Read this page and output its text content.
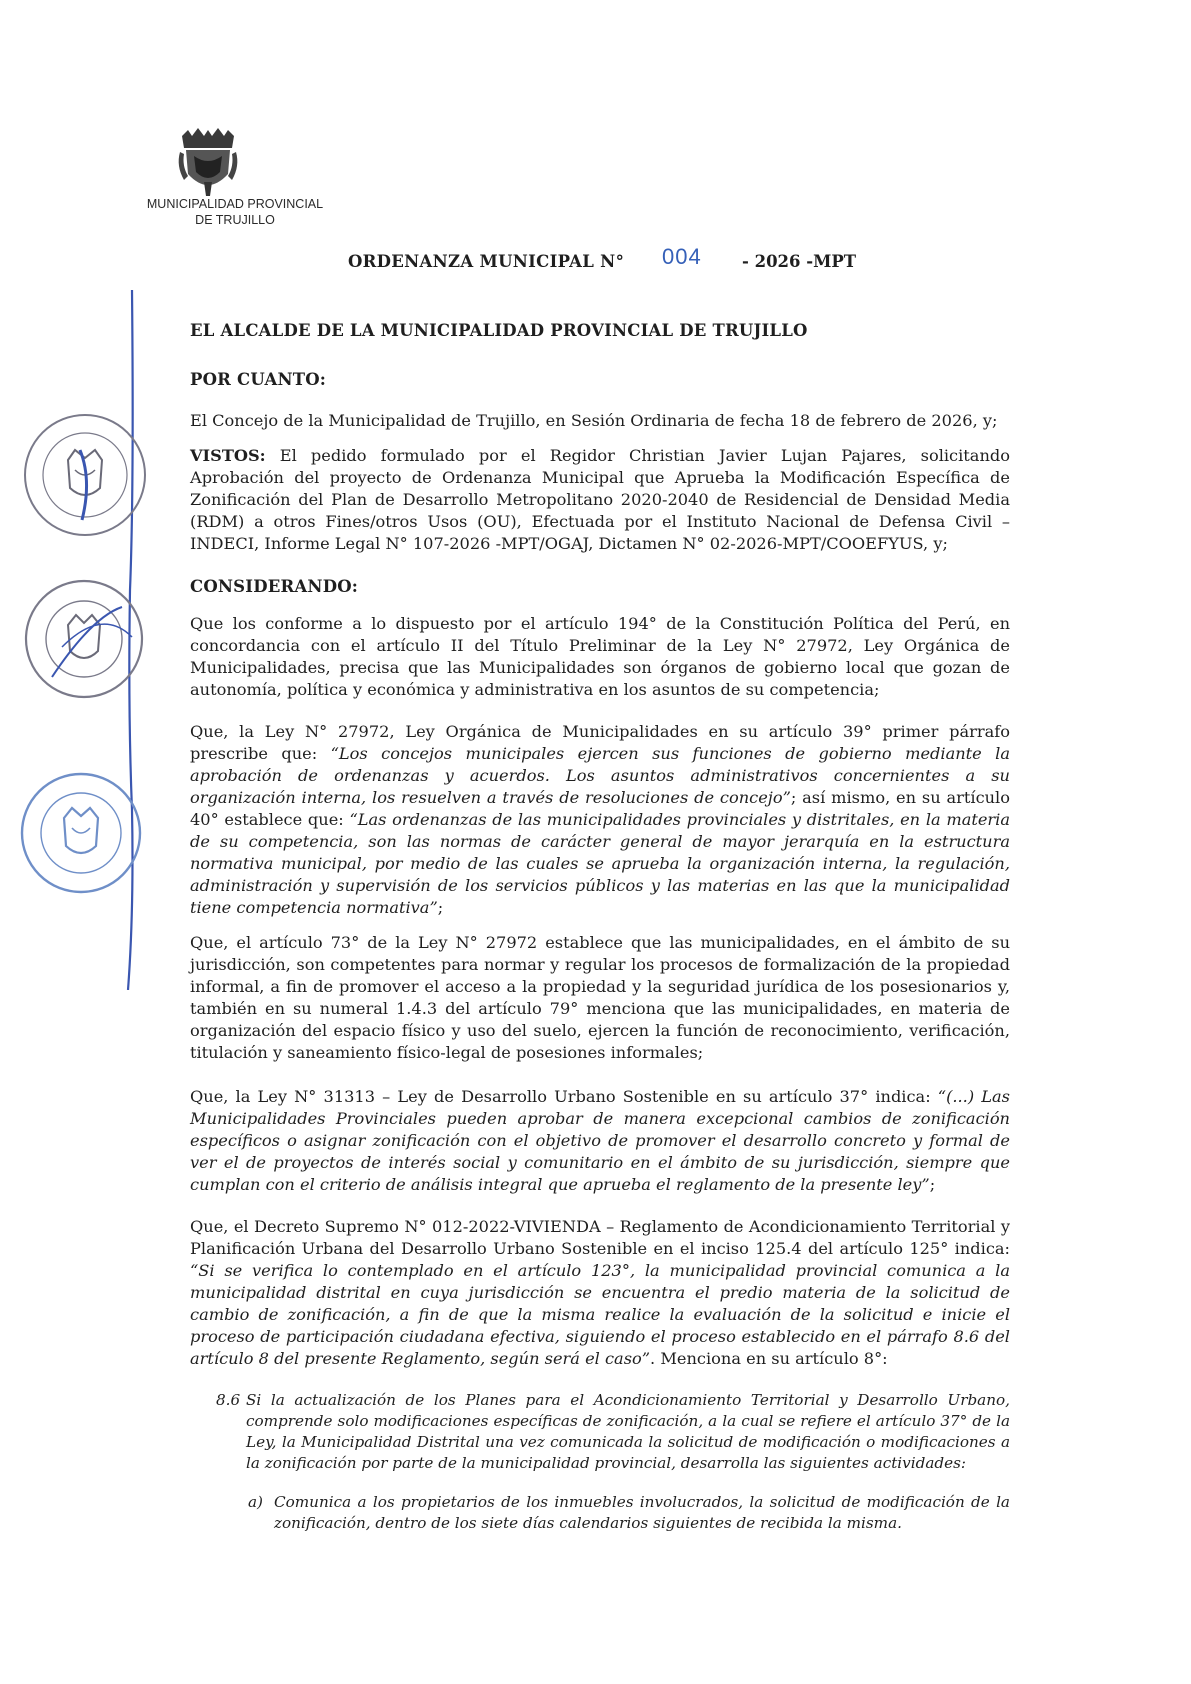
MUNICIPALIDAD PROVINCIAL
DE TRUJILLO
ORDENANZA MUNICIPAL N° 004 - 2026 -MPT
EL ALCALDE DE LA MUNICIPALIDAD PROVINCIAL DE TRUJILLO
POR CUANTO:
El Concejo de la Municipalidad de Trujillo, en Sesión Ordinaria de fecha 18 de febrero de 2026, y;
VISTOS: El pedido formulado por el Regidor Christian Javier Lujan Pajares, solicitando Aprobación del proyecto de Ordenanza Municipal que Aprueba la Modificación Específica de Zonificación del Plan de Desarrollo Metropolitano 2020-2040 de Residencial de Densidad Media (RDM) a otros Fines/otros Usos (OU), Efectuada por el Instituto Nacional de Defensa Civil – INDECI, Informe Legal N° 107-2026 -MPT/OGAJ, Dictamen N° 02-2026-MPT/COOEFYUS, y;
CONSIDERANDO:
Que los conforme a lo dispuesto por el artículo 194° de la Constitución Política del Perú, en concordancia con el artículo II del Título Preliminar de la Ley N° 27972, Ley Orgánica de Municipalidades, precisa que las Municipalidades son órganos de gobierno local que gozan de autonomía, política y económica y administrativa en los asuntos de su competencia;
Que, la Ley N° 27972, Ley Orgánica de Municipalidades en su artículo 39° primer párrafo prescribe que: “Los concejos municipales ejercen sus funciones de gobierno mediante la aprobación de ordenanzas y acuerdos. Los asuntos administrativos concernientes a su organización interna, los resuelven a través de resoluciones de concejo”; así mismo, en su artículo 40° establece que: “Las ordenanzas de las municipalidades provinciales y distritales, en la materia de su competencia, son las normas de carácter general de mayor jerarquía en la estructura normativa municipal, por medio de las cuales se aprueba la organización interna, la regulación, administración y supervisión de los servicios públicos y las materias en las que la municipalidad tiene competencia normativa”;
Que, el artículo 73° de la Ley N° 27972 establece que las municipalidades, en el ámbito de su jurisdicción, son competentes para normar y regular los procesos de formalización de la propiedad informal, a fin de promover el acceso a la propiedad y la seguridad jurídica de los posesionarios y, también en su numeral 1.4.3 del artículo 79° menciona que las municipalidades, en materia de organización del espacio físico y uso del suelo, ejercen la función de reconocimiento, verificación, titulación y saneamiento físico-legal de posesiones informales;
Que, la Ley N° 31313 – Ley de Desarrollo Urbano Sostenible en su artículo 37° indica: “(...) Las Municipalidades Provinciales pueden aprobar de manera excepcional cambios de zonificación específicos o asignar zonificación con el objetivo de promover el desarrollo concreto y formal de ver el de proyectos de interés social y comunitario en el ámbito de su jurisdicción, siempre que cumplan con el criterio de análisis integral que aprueba el reglamento de la presente ley”;
Que, el Decreto Supremo N° 012-2022-VIVIENDA – Reglamento de Acondicionamiento Territorial y Planificación Urbana del Desarrollo Urbano Sostenible en el inciso 125.4 del artículo 125° indica: “Si se verifica lo contemplado en el artículo 123°, la municipalidad provincial comunica a la municipalidad distrital en cuya jurisdicción se encuentra el predio materia de la solicitud de cambio de zonificación, a fin de que la misma realice la evaluación de la solicitud e inicie el proceso de participación ciudadana efectiva, siguiendo el proceso establecido en el párrafo 8.6 del artículo 8 del presente Reglamento, según será el caso”. Menciona en su artículo 8°:
8.6 Si la actualización de los Planes para el Acondicionamiento Territorial y Desarrollo Urbano, comprende solo modificaciones específicas de zonificación, a la cual se refiere el artículo 37° de la Ley, la Municipalidad Distrital una vez comunicada la solicitud de modificación o modificaciones a la zonificación por parte de la municipalidad provincial, desarrolla las siguientes actividades:
a) Comunica a los propietarios de los inmuebles involucrados, la solicitud de modificación de la zonificación, dentro de los siete días calendarios siguientes de recibida la misma.
